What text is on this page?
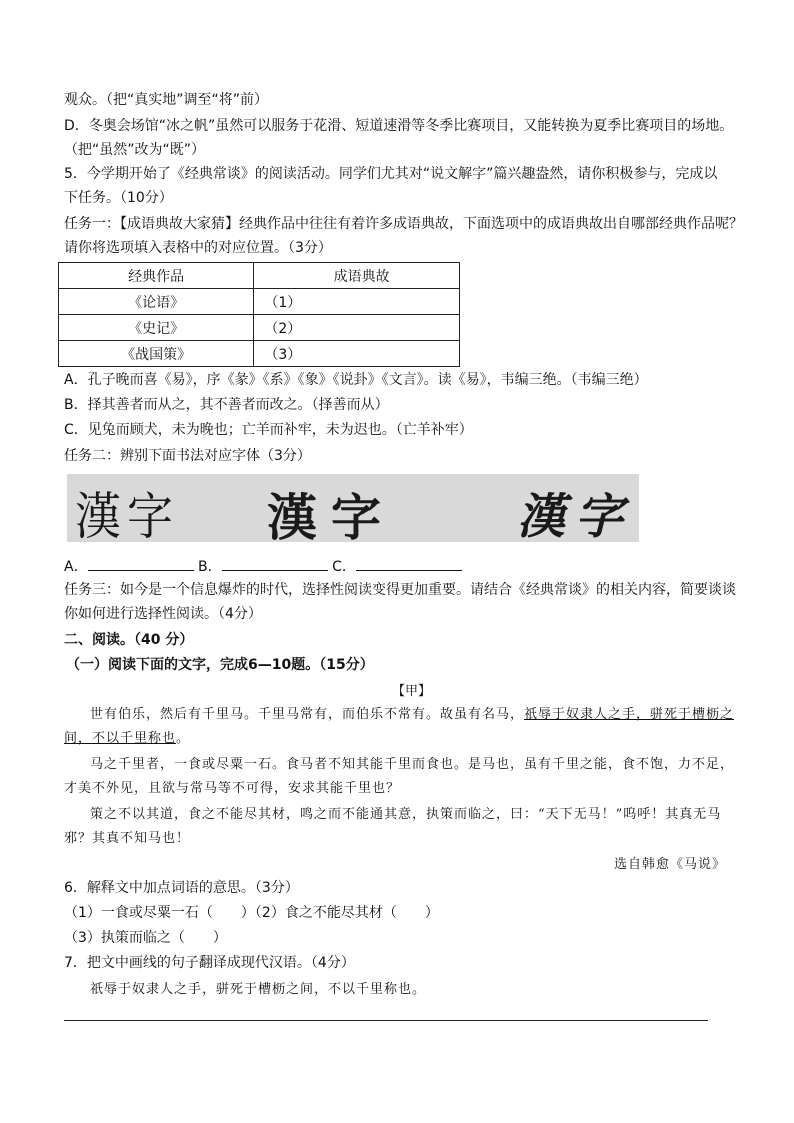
观众。（把“真实地”调至“将”前）
D．冬奥会场馆“冰之帆”虽然可以服务于花滑、短道速滑等冬季比赛项目，又能转换为夏季比赛项目的场地。
（把“虽然”改为“既”）
5．今学期开始了《经典常谈》的阅读活动。同学们尤其对“说文解字”篇兴趣盎然，请你积极参与，完成以
下任务。（10分）
任务一：【成语典故大家猜】经典作品中往往有着许多成语典故，下面选项中的成语典故出自哪部经典作品呢？
请你将选项填入表格中的对应位置。（3分）
经典作品	成语典故
《论语》	（1）
《史记》	（2）
《战国策》	（3）
A．孔子晚而喜《易》，序《彖》《系》《象》《说卦》《文言》。读《易》，韦编三绝。（韦编三绝）
B．择其善者而从之，其不善者而改之。（择善而从）
C．见兔而顾犬，未为晚也；亡羊而补牢，未为迟也。（亡羊补牢）
任务二：辨别下面书法对应字体（3分）
漢字 漢字	漢字
A．	B．	C．
任务三：如今是一个信息爆炸的时代，选择性阅读变得更加重要。请结合《经典常谈》的相关内容，简要谈谈
你如何进行选择性阅读。（4分）
二、阅读。（40 分）
（一）阅读下面的文字，完成6—10题。（15分）
【甲】
世有伯乐，然后有千里马。千里马常有，而伯乐不常有。故虽有名马，祇辱于奴隶人之手，骈死于槽枥之
间，不以千里称也。
马之千里者，一食或尽粟一石。食马者不知其能千里而食也。是马也，虽有千里之能，食不饱，力不足，
才美不外见，且欲与常马等不可得，安求其能千里也？
策之不以其道，食之不能尽其材，鸣之而不能通其意，执策而临之，曰：“天下无马！”呜呼！其真无马
邪？其真不知马也！
选自韩愈《马说》
6．解释文中加点词语的意思。（3分）
（1）一食或尽粟一石（　　）（2）食之不能尽其材（　　）
（3）执策而临之（　　）
7．把文中画线的句子翻译成现代汉语。（4分）
祇辱于奴隶人之手，骈死于槽枥之间，不以千里称也。
